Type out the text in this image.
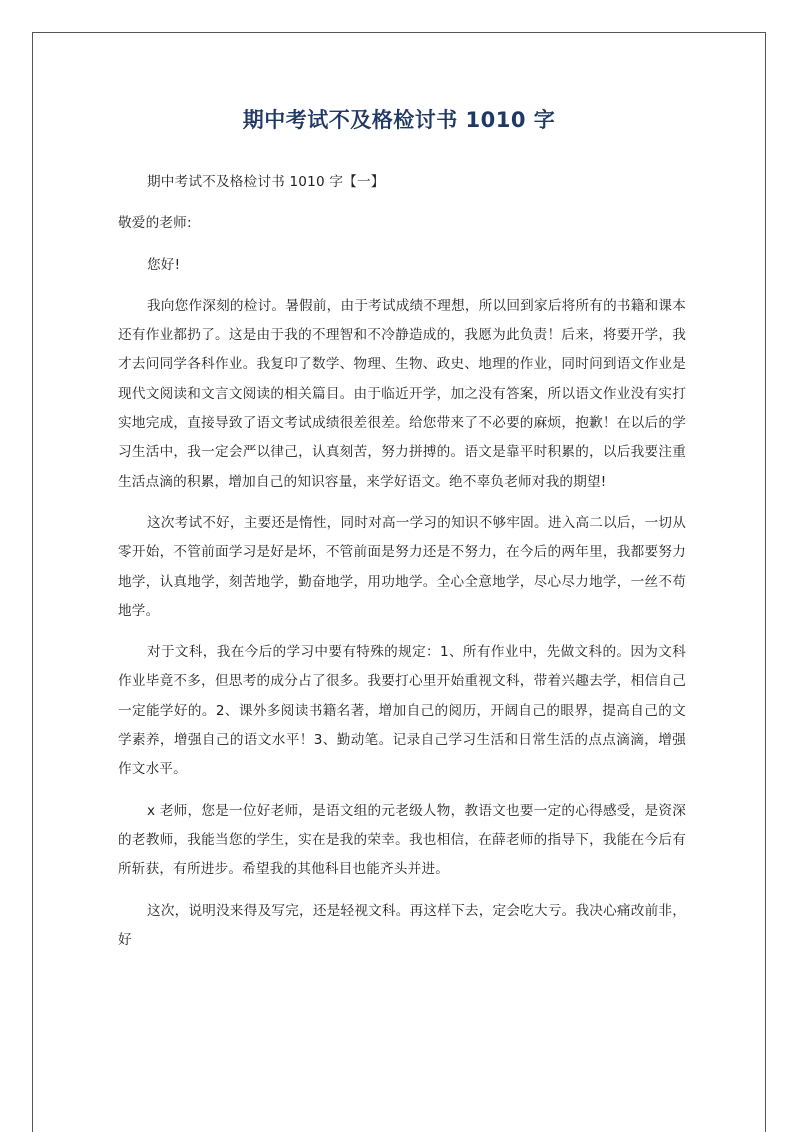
期中考试不及格检讨书 1010 字

期中考试不及格检讨书 1010 字【一】

敬爱的老师:

您好!

我向您作深刻的检讨。暑假前，由于考试成绩不理想，所以回到家后将所有的书籍和课本还有作业都扔了。这是由于我的不理智和不冷静造成的，我愿为此负责！后来，将要开学，我才去问同学各科作业。我复印了数学、物理、生物、政史、地理的作业，同时问到语文作业是现代文阅读和文言文阅读的相关篇目。由于临近开学，加之没有答案，所以语文作业没有实打实地完成，直接导致了语文考试成绩很差很差。给您带来了不必要的麻烦，抱歉！在以后的学习生活中，我一定会严以律己，认真刻苦，努力拼搏的。语文是靠平时积累的，以后我要注重生活点滴的积累，增加自己的知识容量，来学好语文。绝不辜负老师对我的期望!

这次考试不好，主要还是惰性，同时对高一学习的知识不够牢固。进入高二以后，一切从零开始，不管前面学习是好是坏，不管前面是努力还是不努力，在今后的两年里，我都要努力地学，认真地学，刻苦地学，勤奋地学，用功地学。全心全意地学，尽心尽力地学，一丝不苟地学。

对于文科，我在今后的学习中要有特殊的规定：1、所有作业中，先做文科的。因为文科作业毕竟不多，但思考的成分占了很多。我要打心里开始重视文科，带着兴趣去学，相信自己一定能学好的。2、课外多阅读书籍名著，增加自己的阅历，开阔自己的眼界，提高自己的文学素养，增强自己的语文水平！3、勤动笔。记录自己学习生活和日常生活的点点滴滴，增强作文水平。

x 老师，您是一位好老师，是语文组的元老级人物，教语文也要一定的心得感受，是资深的老教师，我能当您的学生，实在是我的荣幸。我也相信，在薛老师的指导下，我能在今后有所斩获，有所进步。希望我的其他科目也能齐头并进。

这次，说明没来得及写完，还是轻视文科。再这样下去，定会吃大亏。我决心痛改前非，好
